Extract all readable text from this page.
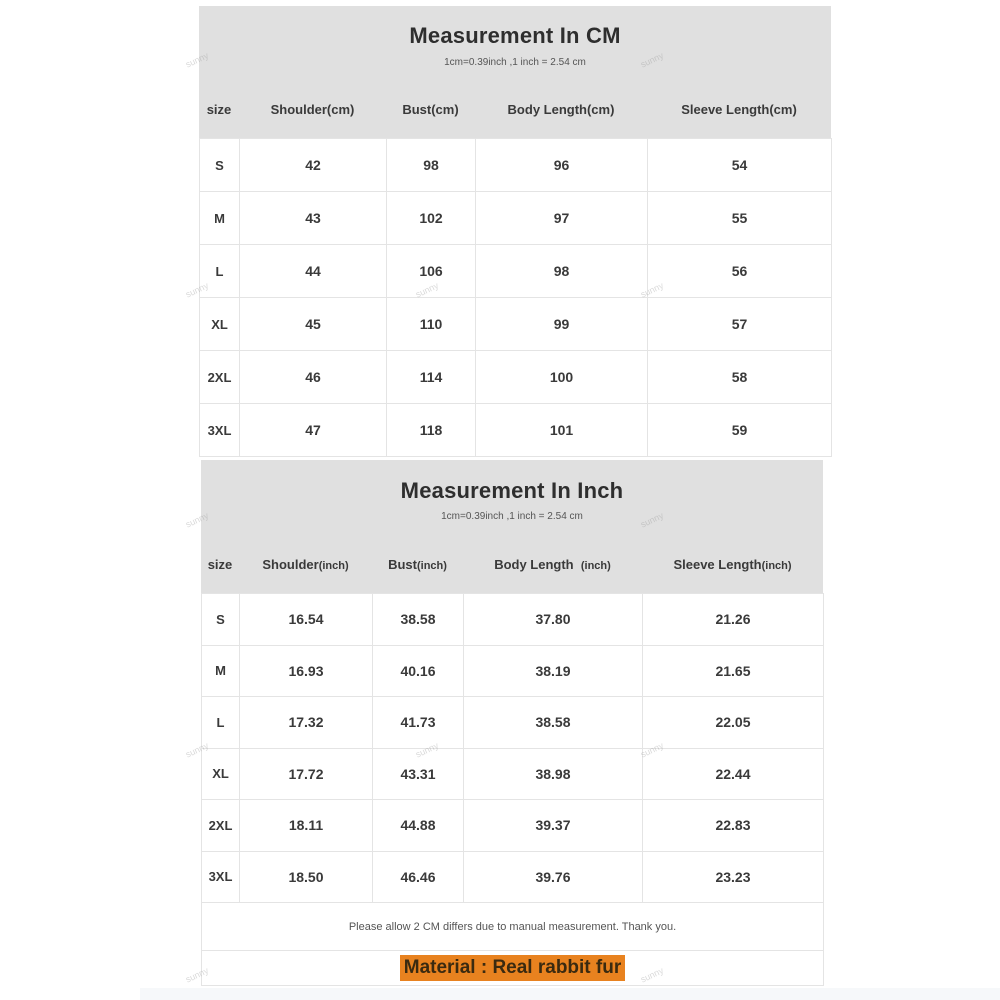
Measurement In CM
1cm=0.39inch ,1 inch = 2.54 cm
size	Shoulder(cm)	Bust(cm)	Body Length(cm)	Sleeve Length(cm)
S	42	98	96	54
M	43	102	97	55
L	44	106	98	56
XL	45	110	99	57
2XL	46	114	100	58
3XL	47	118	101	59
Measurement In Inch
1cm=0.39inch ,1 inch = 2.54 cm
size	Shoulder(inch)	Bust(inch)	Body Length  (inch)	Sleeve Length(inch)
S	16.54	38.58	37.80	21.26
M	16.93	40.16	38.19	21.65
L	17.32	41.73	38.58	22.05
XL	17.72	43.31	38.98	22.44
2XL	18.11	44.88	39.37	22.83
3XL	18.50	46.46	39.76	23.23
Please allow 2 CM differs due to manual measurement. Thank you.				
Material : Real rabbit fur				
sunny	sunny
sunny	sunny	sunny
sunny	sunny
sunny	sunny	sunny
sunny	sunny
